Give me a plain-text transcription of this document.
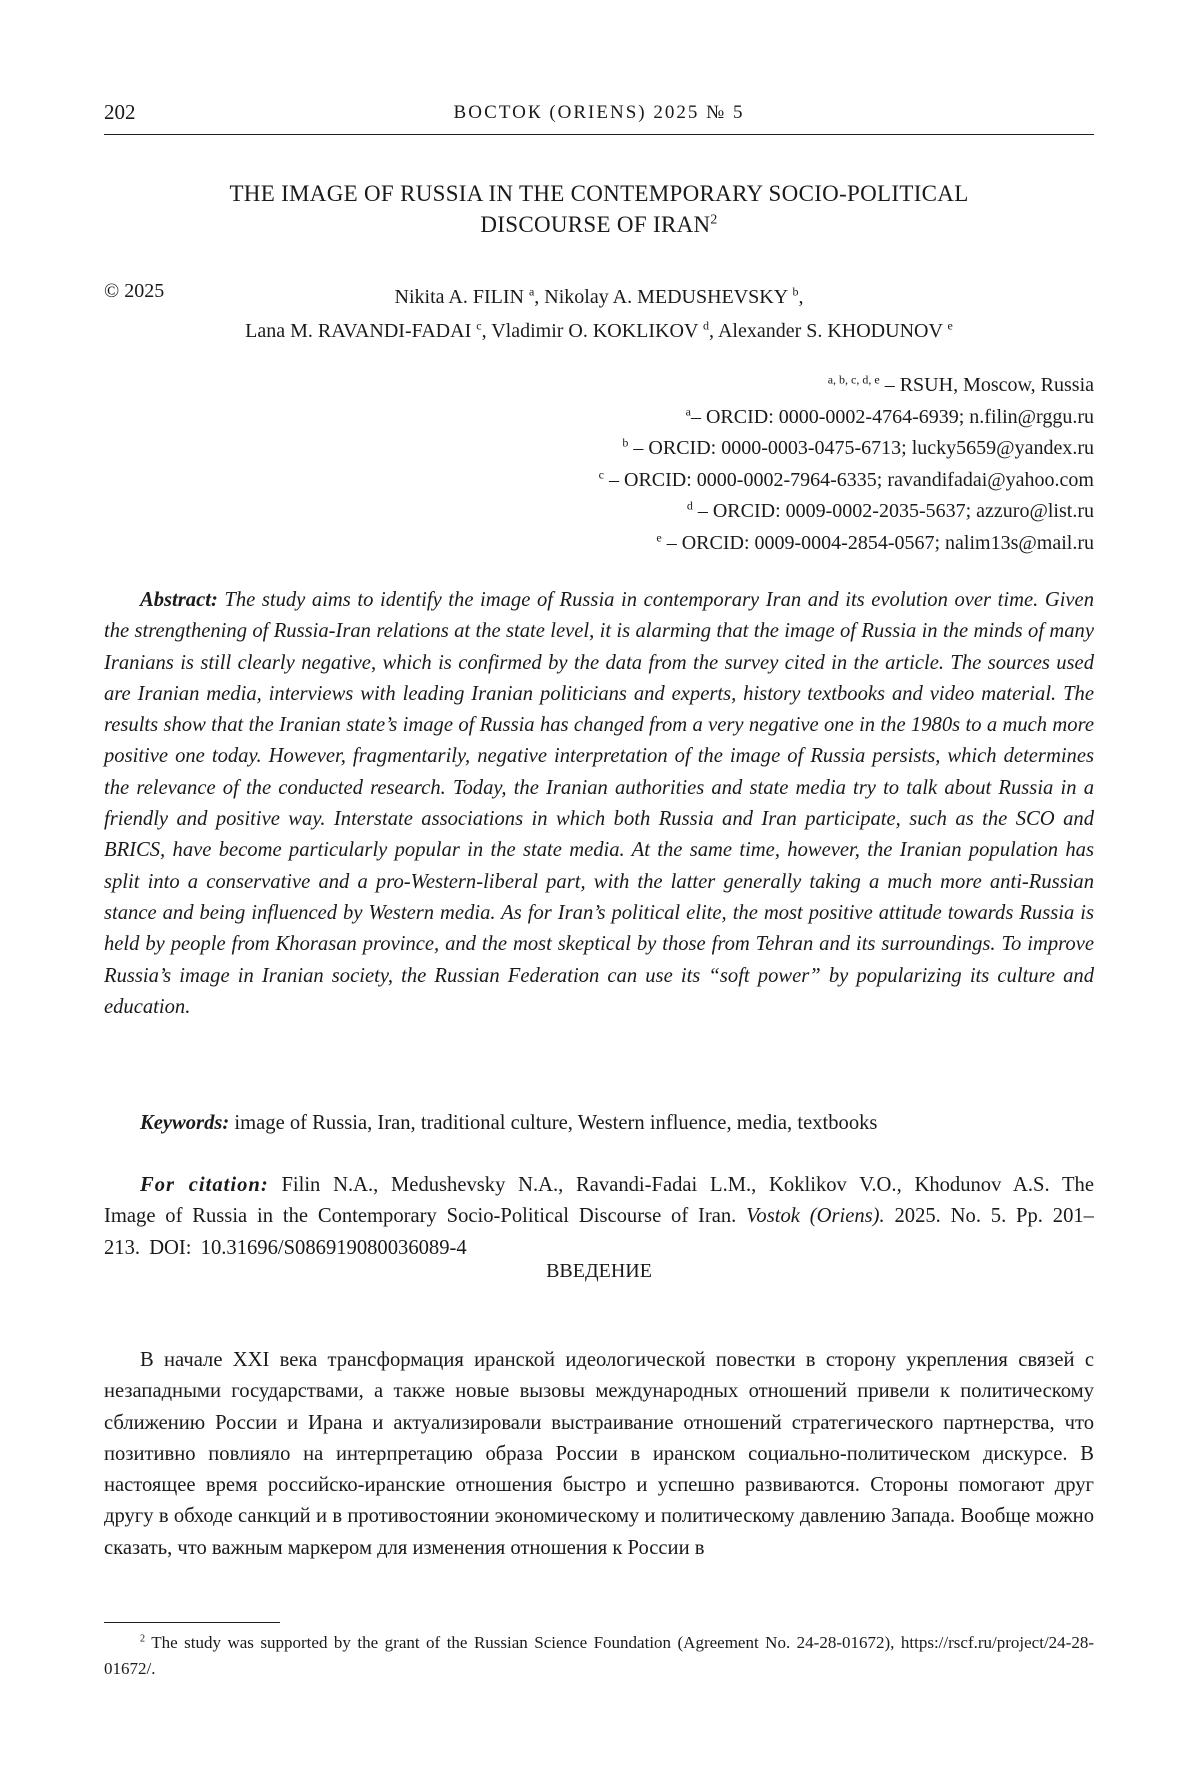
202	ВОСТОК (ORIENS) 2025 № 5
THE IMAGE OF RUSSIA IN THE CONTEMPORARY SOCIO-POLITICAL
DISCOURSE OF IRAN$^2$
© 2025	Nikita A. FILIN $^a$, Nikolay A. MEDUSHEVSKY $^b$,
Lana M. RAVANDI-FADAI $^c$, Vladimir O. KOKLIKOV $^d$, Alexander S. KHODUNOV $^e$
$^{a, b, c, d, e}$ – RSUH, Moscow, Russia
$^a$– ORCID: 0000-0002-4764-6939; n.filin@rggu.ru
$^b$ – ORCID: 0000-0003-0475-6713; lucky5659@yandex.ru
$^c$ – ORCID: 0000-0002-7964-6335; ravandifadai@yahoo.com
$^d$ – ORCID: 0009-0002-2035-5637; azzuro@list.ru
$^e$ – ORCID: 0009-0004-2854-0567; nalim13s@mail.ru

Abstract: The study aims to identify the image of Russia in contemporary Iran and its evolution over time. Given the strengthening of Russia-Iran relations at the state level, it is alarming that the image of Russia in the minds of many Iranians is still clearly negative, which is confirmed by the data from the survey cited in the article. The sources used are Iranian media, interviews with leading Iranian politicians and experts, history textbooks and video material. The results show that the Iranian state’s image of Russia has changed from a very negative one in the 1980s to a much more positive one today. However, fragmentarily, negative interpretation of the image of Russia persists, which determines the relevance of the conducted research. Today, the Iranian authorities and state media try to talk about Russia in a friendly and positive way. Interstate associations in which both Russia and Iran participate, such as the SCO and BRICS, have become particularly popular in the state media. At the same time, however, the Iranian population has split into a conservative and a pro-Western-liberal part, with the latter generally taking a much more anti-Russian stance and being influenced by Western media. As for Iran’s political elite, the most positive attitude towards Russia is held by people from Khorasan province, and the most skeptical by those from Tehran and its surroundings. To improve Russia’s image in Iranian society, the Russian Federation can use its “soft power” by popularizing its culture and education.

Keywords: image of Russia, Iran, traditional culture, Western influence, media, textbooks

For citation: Filin N.A., Medushevsky N.A., Ravandi-Fadai L.M., Koklikov V.O., Khodunov A.S. The Image of Russia in the Contemporary Socio-Political Discourse of Iran. Vostok (Oriens). 2025. No. 5. Pp. 201–213. DOI: 10.31696/S086919080036089-4

ВВЕДЕНИЕ

В начале XXI века трансформация иранской идеологической повестки в сторону укрепления связей с незападными государствами, а также новые вызовы международных отношений привели к политическому сближению России и Ирана и актуализировали выстраивание отношений стратегического партнерства, что позитивно повлияло на интерпретацию образа России в иранском социально-политическом дискурсе. В настоящее время российско-иранские отношения быстро и успешно развиваются. Стороны помогают друг другу в обходе санкций и в противостоянии экономическому и политическому давлению Запада. Вообще можно сказать, что важным маркером для изменения отношения к России в

$^2$ The study was supported by the grant of the Russian Science Foundation (Agreement No. 24-28-01672), https://rscf.ru/project/24-28-01672/.
